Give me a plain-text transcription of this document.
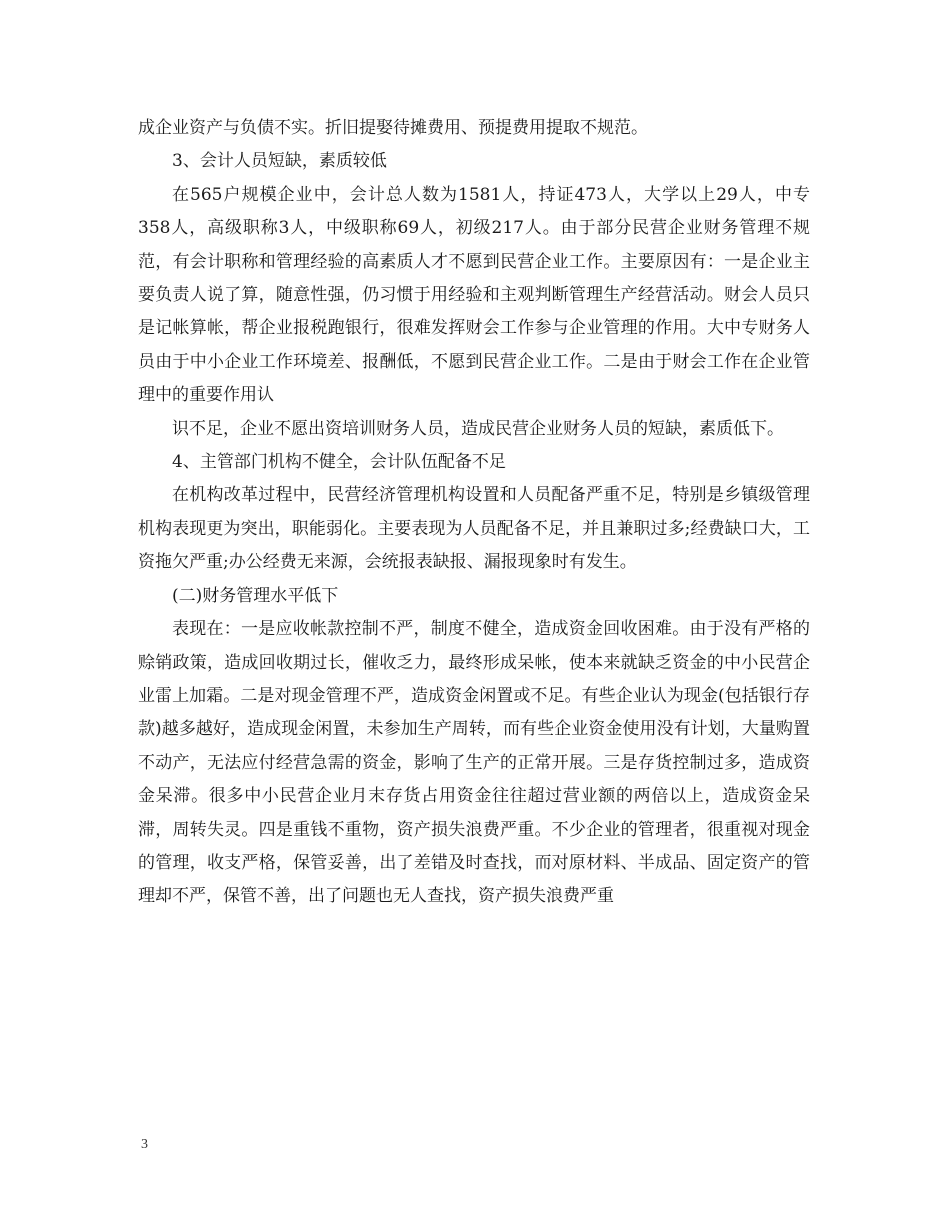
成企业资产与负债不实。折旧提娶待摊费用、预提费用提取不规范。

3、会计人员短缺，素质较低

在565户规模企业中，会计总人数为1581人，持证473人，大学以上29人，中专358人，高级职称3人，中级职称69人，初级217人。由于部分民营企业财务管理不规范，有会计职称和管理经验的高素质人才不愿到民营企业工作。主要原因有：一是企业主要负责人说了算，随意性强，仍习惯于用经验和主观判断管理生产经营活动。财会人员只是记帐算帐，帮企业报税跑银行，很难发挥财会工作参与企业管理的作用。大中专财务人员由于中小企业工作环境差、报酬低，不愿到民营企业工作。二是由于财会工作在企业管理中的重要作用认

识不足，企业不愿出资培训财务人员，造成民营企业财务人员的短缺，素质低下。

4、主管部门机构不健全，会计队伍配备不足

在机构改革过程中，民营经济管理机构设置和人员配备严重不足，特别是乡镇级管理机构表现更为突出，职能弱化。主要表现为人员配备不足，并且兼职过多;经费缺口大，工资拖欠严重;办公经费无来源，会统报表缺报、漏报现象时有发生。

(二)财务管理水平低下

表现在：一是应收帐款控制不严，制度不健全，造成资金回收困难。由于没有严格的赊销政策，造成回收期过长，催收乏力，最终形成呆帐，使本来就缺乏资金的中小民营企业雷上加霜。二是对现金管理不严，造成资金闲置或不足。有些企业认为现金(包括银行存款)越多越好，造成现金闲置，未参加生产周转，而有些企业资金使用没有计划，大量购置不动产，无法应付经营急需的资金，影响了生产的正常开展。三是存货控制过多，造成资金呆滞。很多中小民营企业月末存货占用资金往往超过营业额的两倍以上，造成资金呆滞，周转失灵。四是重钱不重物，资产损失浪费严重。不少企业的管理者，很重视对现金的管理，收支严格，保管妥善，出了差错及时查找，而对原材料、半成品、固定资产的管理却不严，保管不善，出了问题也无人查找，资产损失浪费严重

3
